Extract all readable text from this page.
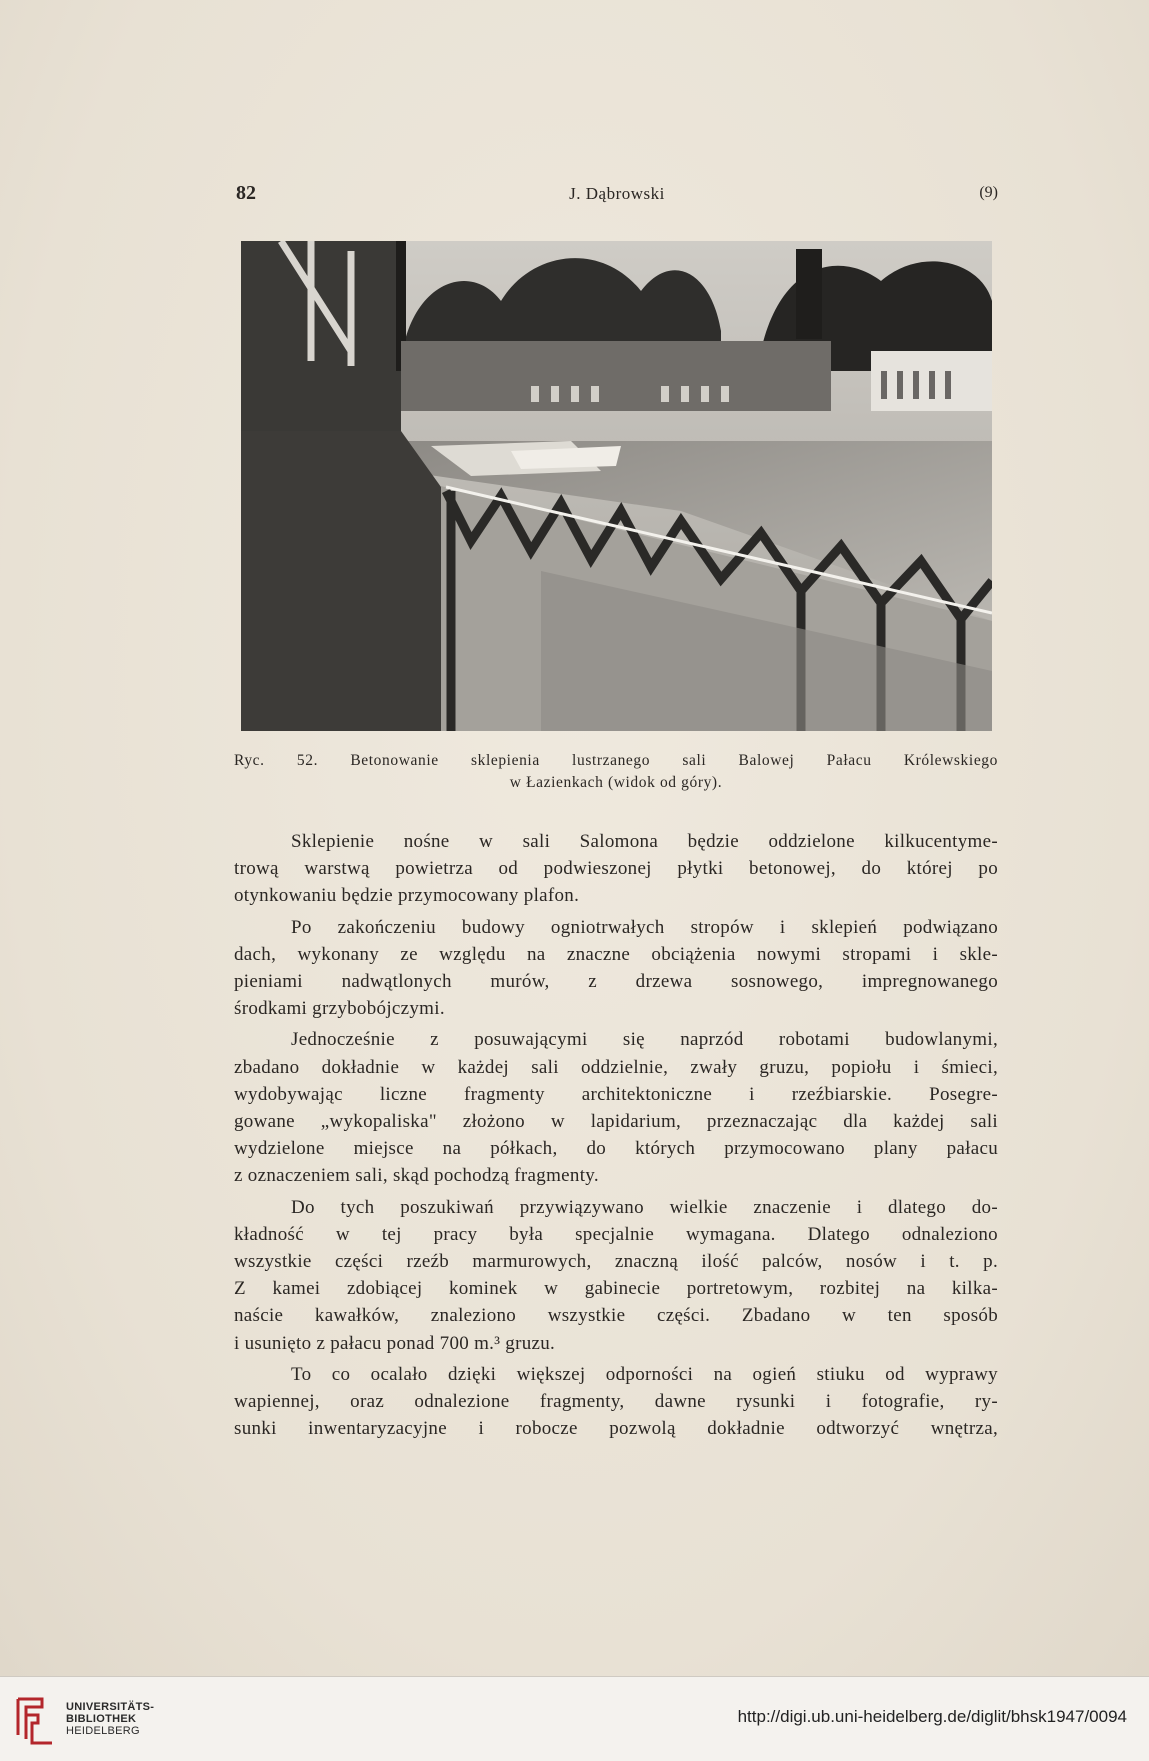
82	J. Dąbrowski	(9)

Ryc. 52. Betonowanie sklepienia lustrzanego sali Balowej Pałacu Królewskiego

w Łazienkach (widok od góry).

Sklepienie nośne w sali Salomona będzie oddzielone kilkucentyme-
trową warstwą powietrza od podwieszonej płytki betonowej, do której po
otynkowaniu będzie przymocowany plafon.
Po zakończeniu budowy ogniotrwałych stropów i sklepień podwiązano
dach, wykonany ze względu na znaczne obciążenia nowymi stropami i skle-
pieniami nadwątlonych murów, z drzewa sosnowego, impregnowanego
środkami grzybobójczymi.
Jednocześnie z posuwającymi się naprzód robotami budowlanymi,
zbadano dokładnie w każdej sali oddzielnie, zwały gruzu, popiołu i śmieci,
wydobywając liczne fragmenty architektoniczne i rzeźbiarskie. Posegre-
gowane „wykopaliska" złożono w lapidarium, przeznaczając dla każdej sali
wydzielone miejsce na półkach, do których przymocowano plany pałacu
z oznaczeniem sali, skąd pochodzą fragmenty.
Do tych poszukiwań przywiązywano wielkie znaczenie i dlatego do-
kładność w tej pracy była specjalnie wymagana. Dlatego odnaleziono
wszystkie części rzeźb marmurowych, znaczną ilość palców, nosów i t. p.
Z kamei zdobiącej kominek w gabinecie portretowym, rozbitej na kilka-
naście kawałków, znaleziono wszystkie części. Zbadano w ten sposób
i usunięto z pałacu ponad 700 m.³ gruzu.
To co ocalało dzięki większej odporności na ogień stiuku od wyprawy
wapiennej, oraz odnalezione fragmenty, dawne rysunki i fotografie, ry-
sunki inwentaryzacyjne i robocze pozwolą dokładnie odtworzyć wnętrza,
UNIVERSITÄTS-
BIBLIOTHEK
HEIDELBERG
http://digi.ub.uni-heidelberg.de/diglit/bhsk1947/0094
